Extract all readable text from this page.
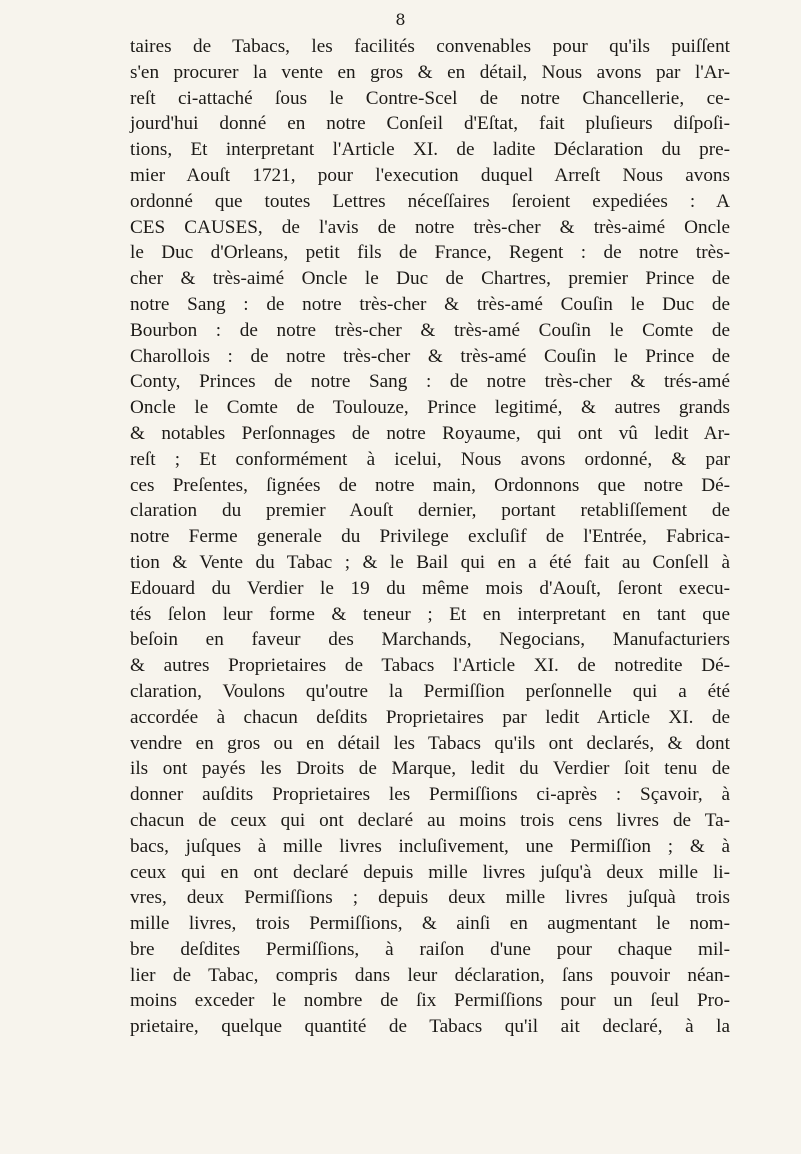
8
taires de Tabacs, les facilités convenables pour qu'ils puiſſent
s'en procurer la vente en gros & en détail, Nous avons par l'Ar-
reſt ci-attaché ſous le Contre-Scel de notre Chancellerie, ce-
jourd'hui donné en notre Conſeil d'Eſtat, fait pluſieurs diſpoſi-
tions, Et interpretant l'Article XI. de ladite Déclaration du pre-
mier Aouſt 1721, pour l'execution duquel Arreſt Nous avons
ordonné que toutes Lettres néceſſaires ſeroient expediées : A
CES CAUSES, de l'avis de notre très-cher & très-aimé Oncle
le Duc d'Orleans, petit fils de France, Regent : de notre très-
cher & très-aimé Oncle le Duc de Chartres, premier Prince de
notre Sang : de notre très-cher & très-amé Couſin le Duc de
Bourbon : de notre très-cher & très-amé Couſin le Comte de
Charollois : de notre très-cher & très-amé Couſin le Prince de
Conty, Princes de notre Sang : de notre très-cher & trés-amé
Oncle le Comte de Toulouze, Prince legitimé, & autres grands
& notables Perſonnages de notre Royaume, qui ont vû ledit Ar-
reſt ; Et conformément à icelui, Nous avons ordonné, & par
ces Preſentes, ſignées de notre main, Ordonnons que notre Dé-
claration du premier Aouſt dernier, portant retabliſſement de
notre Ferme generale du Privilege excluſif de l'Entrée, Fabrica-
tion & Vente du Tabac ; & le Bail qui en a été fait au Conſell à
Edouard du Verdier le 19 du même mois d'Aouſt, ſeront execu-
tés ſelon leur forme & teneur ; Et en interpretant en tant que
beſoin en faveur des Marchands, Negocians, Manufacturiers
& autres Proprietaires de Tabacs l'Article XI. de notredite Dé-
claration, Voulons qu'outre la Permiſſion perſonnelle qui a été
accordée à chacun deſdits Proprietaires par ledit Article XI. de
vendre en gros ou en détail les Tabacs qu'ils ont declarés, & dont
ils ont payés les Droits de Marque, ledit du Verdier ſoit tenu de
donner auſdits Proprietaires les Permiſſions ci-après : Sçavoir, à
chacun de ceux qui ont declaré au moins trois cens livres de Ta-
bacs, juſques à mille livres incluſivement, une Permiſſion ; & à
ceux qui en ont declaré depuis mille livres juſqu'à deux mille li-
vres, deux Permiſſions ; depuis deux mille livres juſquà trois
mille livres, trois Permiſſions, & ainſi en augmentant le nom-
bre deſdites Permiſſions, à raiſon d'une pour chaque mil-
lier de Tabac, compris dans leur déclaration, ſans pouvoir néan-
moins exceder le nombre de ſix Permiſſions pour un ſeul Pro-
prietaire, quelque quantité de Tabacs qu'il ait declaré, à la
